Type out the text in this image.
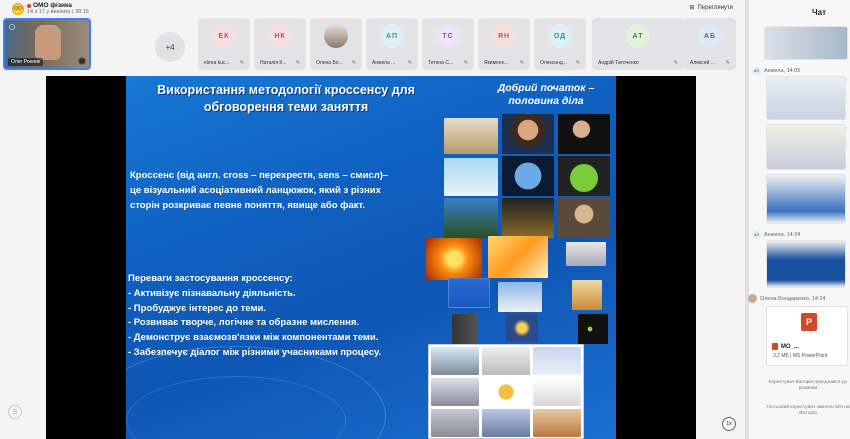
ОО	ОМО фізика
14 з 17 у виклику | 38:16
⊞ Переглянути
Олег Ронник
+4
ЕК
elena kuc... ✎
НК
Наталія К... ✎	Олена Бо... ✎
АП
Анжела ... ✎
ТС
Тетяна С... ✎
ЯН
Якименк... ✎
ОД
Олександ... ✎
АТ
Андрій Таточенко	✎
АБ
Алексей ... ✎
Використання методології кроссенсу для обговорення теми заняття
Добрий початок – половина діла
Кроссенс (від англ. cross – перехрестя, sens – смисл)– це візуальний асоціативний ланцюжок, який з різних сторін розкриває певне поняття, явище або факт.
Переваги застосування кроссенсу:
- Активізує пізнавальну діяльність.
- Пробуджує інтерес до теми.
- Розвиває творче, логічне та образне мислення.
- Демонструє взаємозв'язки між компонентами теми.
- Забезпечує діалог між різними учасниками процесу.
S
1x
Чат
АП Анжела, 14:05
АП Анжела, 14:24
Олена Бондаренко, 14:24
P
МО_...
3,2 МБ | MS PowerPoint
Користувач Вікторія приєднався до розмови
Гостьовий користувач змінено ім'я на Вікторія
